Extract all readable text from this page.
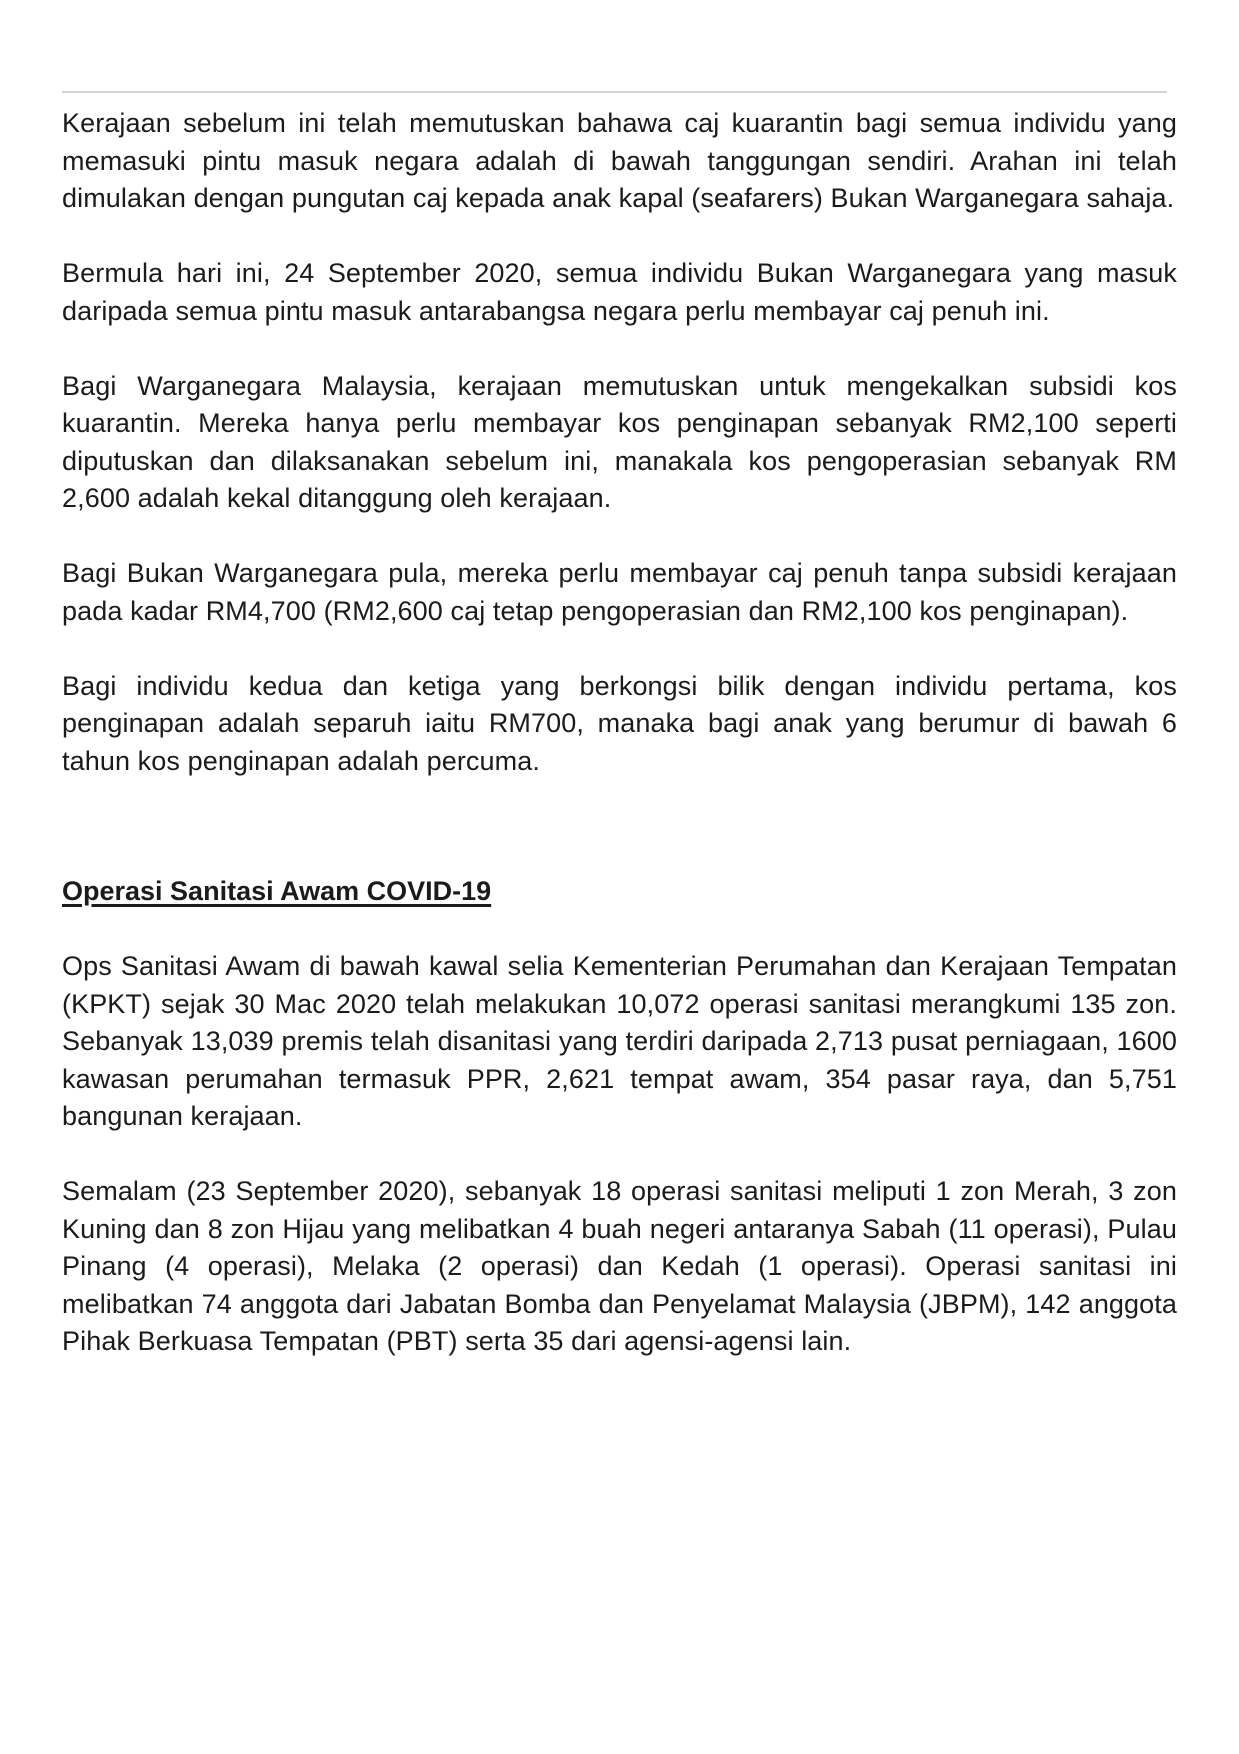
Kerajaan sebelum ini telah memutuskan bahawa caj kuarantin bagi semua individu yang memasuki pintu masuk negara adalah di bawah tanggungan sendiri. Arahan ini telah dimulakan dengan pungutan caj kepada anak kapal (seafarers) Bukan Warganegara sahaja.

Bermula hari ini, 24 September 2020, semua individu Bukan Warganegara yang masuk daripada semua pintu masuk antarabangsa negara perlu membayar caj penuh ini.

Bagi Warganegara Malaysia, kerajaan memutuskan untuk mengekalkan subsidi kos kuarantin. Mereka hanya perlu membayar kos penginapan sebanyak RM2,100 seperti diputuskan dan dilaksanakan sebelum ini, manakala kos pengoperasian sebanyak RM 2,600 adalah kekal ditanggung oleh kerajaan.

Bagi Bukan Warganegara pula, mereka perlu membayar caj penuh tanpa subsidi kerajaan pada kadar RM4,700 (RM2,600 caj tetap pengoperasian dan RM2,100 kos penginapan).

Bagi individu kedua dan ketiga yang berkongsi bilik dengan individu pertama, kos penginapan adalah separuh iaitu RM700, manaka bagi anak yang berumur di bawah 6 tahun kos penginapan adalah percuma.

Operasi Sanitasi Awam COVID-19

Ops Sanitasi Awam di bawah kawal selia Kementerian Perumahan dan Kerajaan Tempatan (KPKT) sejak 30 Mac 2020 telah melakukan 10,072 operasi sanitasi merangkumi 135 zon. Sebanyak 13,039 premis telah disanitasi yang terdiri daripada 2,713 pusat perniagaan, 1600 kawasan perumahan termasuk PPR, 2,621 tempat awam, 354 pasar raya, dan 5,751 bangunan kerajaan.

Semalam (23 September 2020), sebanyak 18 operasi sanitasi meliputi 1 zon Merah, 3 zon Kuning dan 8 zon Hijau yang melibatkan 4 buah negeri antaranya Sabah (11 operasi), Pulau Pinang (4 operasi), Melaka (2 operasi) dan Kedah (1 operasi). Operasi sanitasi ini melibatkan 74 anggota dari Jabatan Bomba dan Penyelamat Malaysia (JBPM), 142 anggota Pihak Berkuasa Tempatan (PBT) serta 35 dari agensi-agensi lain.
